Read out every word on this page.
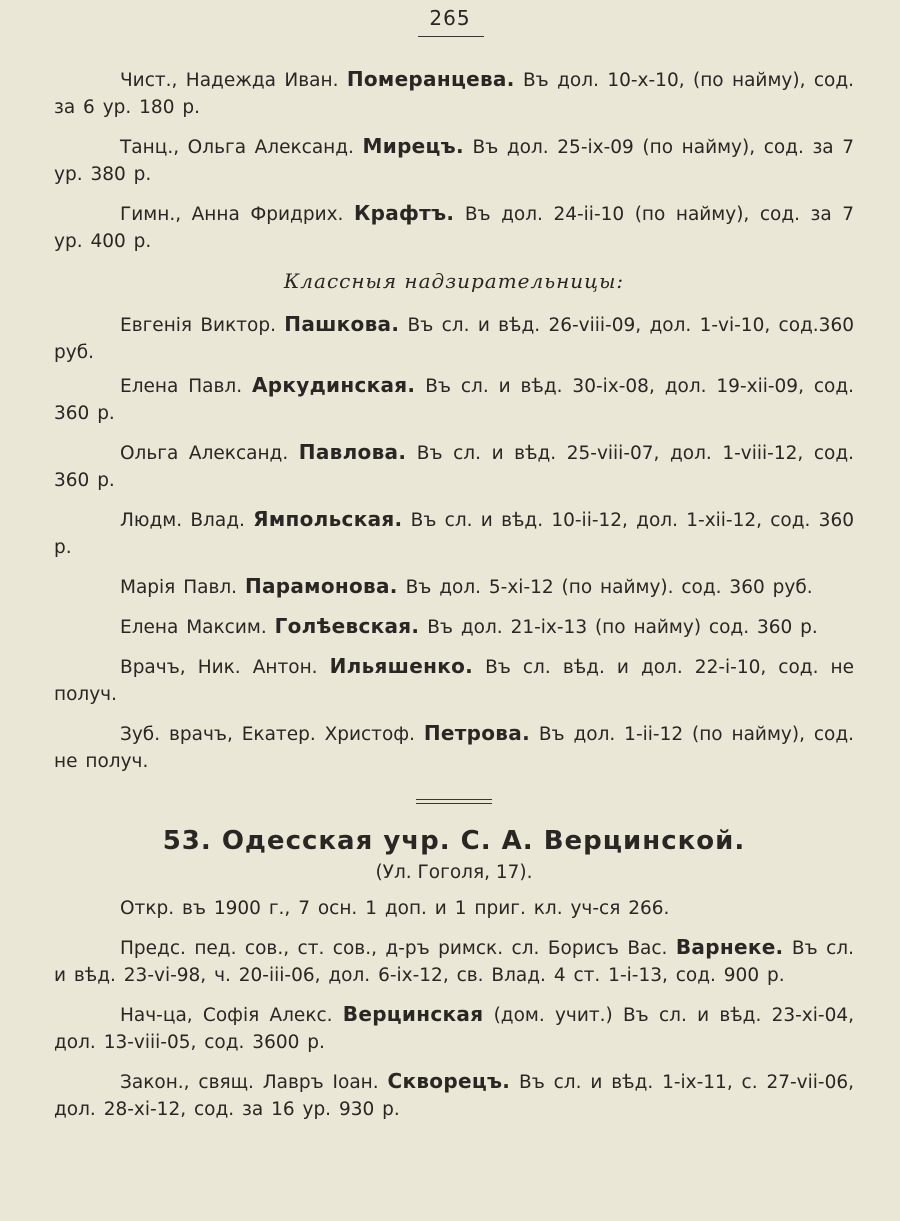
265

Чист., Надежда Иван. Померанцева. Въ дол. 10-х-10, (по найму), сод. за 6 ур. 180 р.

Танц., Ольга Александ. Мирецъ. Въ дол. 25-ix-09 (по найму), сод. за 7 ур. 380 р.

Гимн., Анна Фридрих. Крафтъ. Въ дол. 24-ii-10 (по найму), сод. за 7 ур. 400 р.

Классныя надзирательницы:

Евгенія Виктор. Пашкова. Въ сл. и вѣд. 26-viii-09, дол. 1-vi-10, сод.360 руб.

Елена Павл. Аркудинская. Въ сл. и вѣд. 30-ix-08, дол. 19-xii-09, сод. 360 р.

Ольга Александ. Павлова. Въ сл. и вѣд. 25-viii-07, дол. 1-viii-12, сод. 360 р.

Людм. Влад. Ямпольская. Въ сл. и вѣд. 10-ii-12, дол. 1-xii-12, сод. 360 р.

Марія Павл. Парамонова. Въ дол. 5-xi-12 (по найму). сод. 360 руб.

Елена Максим. Голѣевская. Въ дол. 21-ix-13 (по найму) сод. 360 р.

Врачъ, Ник. Антон. Ильяшенко. Въ сл. вѣд. и дол. 22-i-10, сод. не получ.

Зуб. врачъ, Екатер. Христоф. Петрова. Въ дол. 1-ii-12 (по найму), сод. не получ.

53. Одесская учр. С. А. Верцинской.
(Ул. Гоголя, 17).

Откр. въ 1900 г., 7 осн. 1 доп. и 1 приг. кл. уч-ся 266.

Предс. пед. сов., ст. сов., д-ръ римск. сл. Борисъ Вас. Варнеке. Въ сл. и вѣд. 23-vi-98, ч. 20-iii-06, дол. 6-ix-12, св. Влад. 4 ст. 1-i-13, сод. 900 р.

Нач-ца, Софія Алекс. Верцинская (дом. учит.) Въ сл. и вѣд. 23-xi-04, дол. 13-viii-05, сод. 3600 р.

Закон., свящ. Лавръ Іоан. Скворецъ. Въ сл. и вѣд. 1-ix-11, с. 27-vii-06, дол. 28-xi-12, сод. за 16 ур. 930 р.
